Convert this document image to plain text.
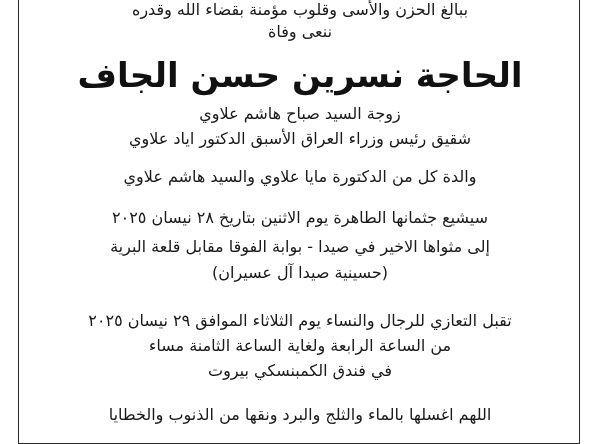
ببالغ الحزن والأسى وقلوب مؤمنة بقضاء الله وقدره
ننعى وفاة
الحاجة نسرين حسن الجاف
زوجة السيد صباح هاشم علاوي
شقيق رئيس وزراء العراق الأسبق الدكتور اياد علاوي
والدة كل من الدكتورة مايا علاوي والسيد هاشم علاوي
سيشيع جثمانها الطاهرة يوم الاثنين بتاريخ ٢٨ نيسان ٢٠٢٥
إلى مثواها الاخير في صيدا - بوابة الفوقا مقابل قلعة البرية
(حسينية صيدا آل عسيران)
تقبل التعازي للرجال والنساء يوم الثلاثاء الموافق ٢٩ نيسان ٢٠٢٥
من الساعة الرابعة ولغاية الساعة الثامنة مساء
في فندق الكمبنسكي بيروت
اللهم اغسلها بالماء والثلج والبرد ونقها من الذنوب والخطايا
